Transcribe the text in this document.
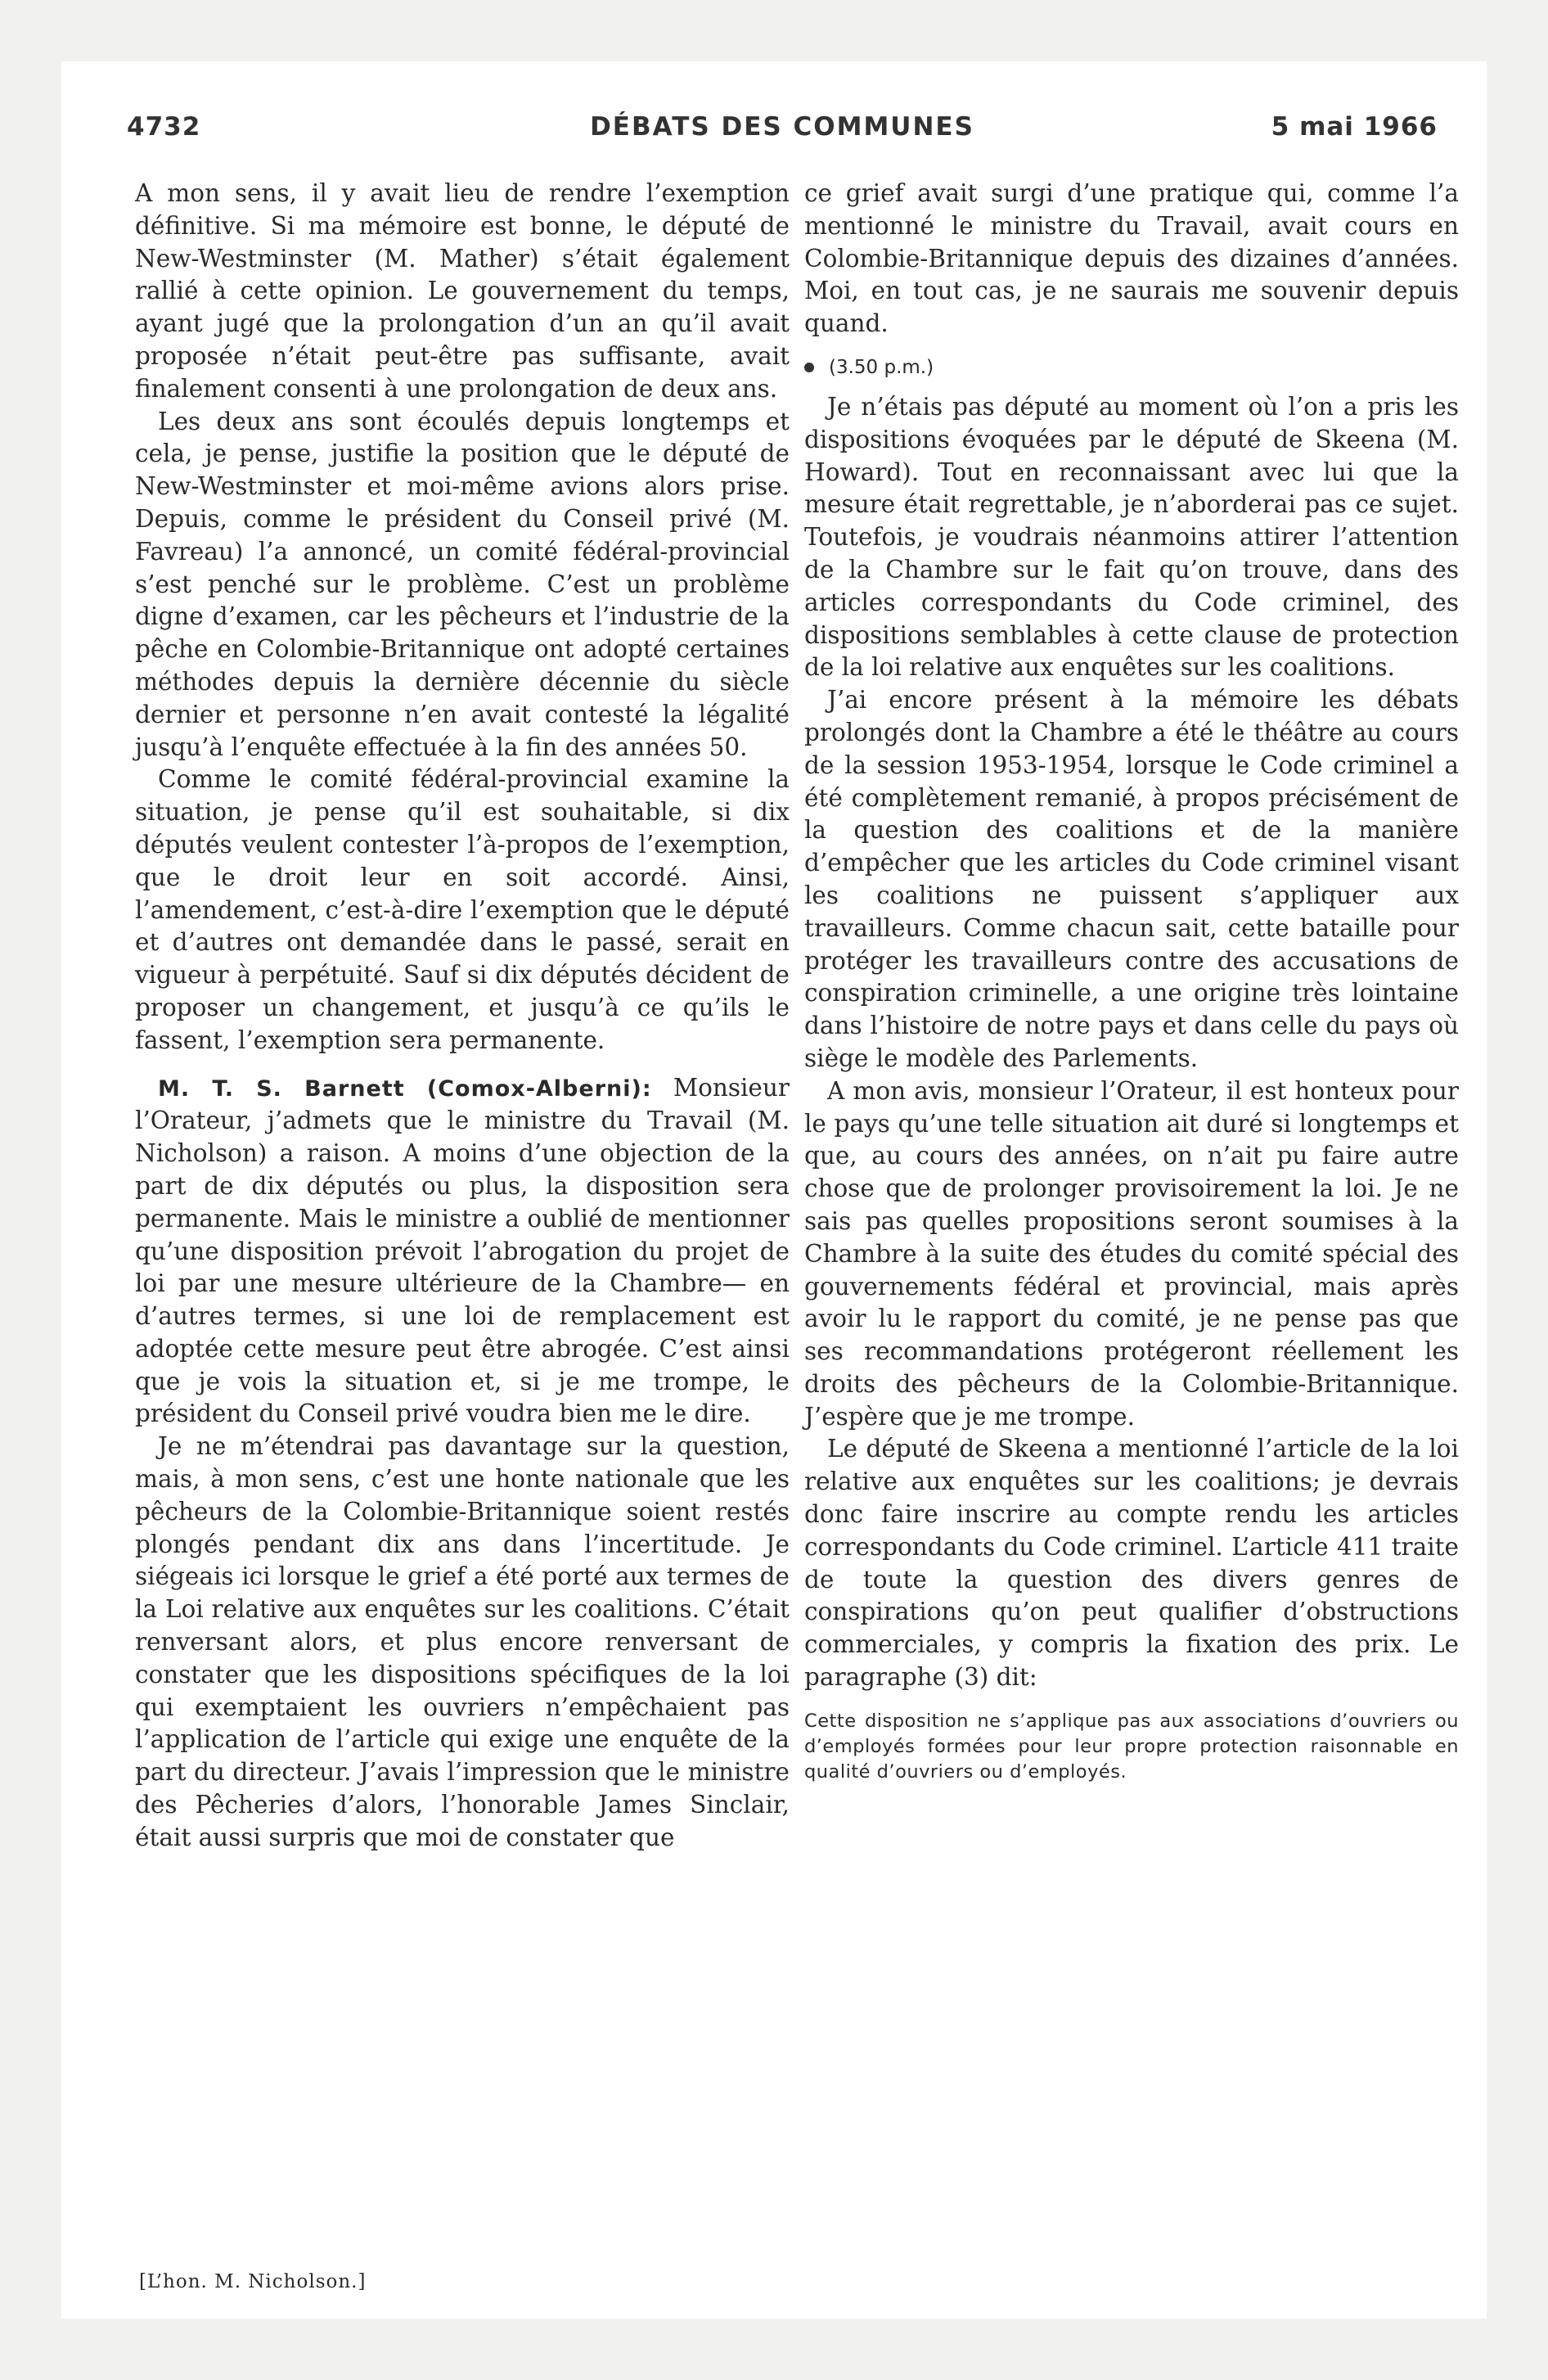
4732	DÉBATS DES COMMUNES	5 mai 1966

A mon sens, il y avait lieu de rendre l’exemption définitive. Si ma mémoire est bonne, le député de New-Westminster (M. Mather) s’était également rallié à cette opinion. Le gouvernement du temps, ayant jugé que la prolongation d’un an qu’il avait proposée n’était peut-être pas suffisante, avait finalement consenti à une prolongation de deux ans.

Les deux ans sont écoulés depuis longtemps et cela, je pense, justifie la position que le député de New-Westminster et moi-même avions alors prise. Depuis, comme le président du Conseil privé (M. Favreau) l’a annoncé, un comité fédéral-provincial s’est penché sur le problème. C’est un problème digne d’examen, car les pêcheurs et l’industrie de la pêche en Colombie-Britannique ont adopté certaines méthodes depuis la dernière décennie du siècle dernier et personne n’en avait contesté la légalité jusqu’à l’enquête effectuée à la fin des années 50.

Comme le comité fédéral-provincial examine la situation, je pense qu’il est souhaitable, si dix députés veulent contester l’à-propos de l’exemption, que le droit leur en soit accordé. Ainsi, l’amendement, c’est-à-dire l’exemption que le député et d’autres ont demandée dans le passé, serait en vigueur à perpétuité. Sauf si dix députés décident de proposer un changement, et jusqu’à ce qu’ils le fassent, l’exemption sera permanente.

M. T. S. Barnett (Comox-Alberni): Monsieur l’Orateur, j’admets que le ministre du Travail (M. Nicholson) a raison. A moins d’une objection de la part de dix députés ou plus, la disposition sera permanente. Mais le ministre a oublié de mentionner qu’une disposition prévoit l’abrogation du projet de loi par une mesure ultérieure de la Chambre— en d’autres termes, si une loi de remplacement est adoptée cette mesure peut être abrogée. C’est ainsi que je vois la situation et, si je me trompe, le président du Conseil privé voudra bien me le dire.

Je ne m’étendrai pas davantage sur la question, mais, à mon sens, c’est une honte nationale que les pêcheurs de la Colombie-Britannique soient restés plongés pendant dix ans dans l’incertitude. Je siégeais ici lorsque le grief a été porté aux termes de la Loi relative aux enquêtes sur les coalitions. C’était renversant alors, et plus encore renversant de constater que les dispositions spécifiques de la loi qui exemptaient les ouvriers n’empêchaient pas l’application de l’article qui exige une enquête de la part du directeur. J’avais l’impression que le ministre des Pêcheries d’alors, l’honorable James Sinclair, était aussi surpris que moi de constater que

ce grief avait surgi d’une pratique qui, comme l’a mentionné le ministre du Travail, avait cours en Colombie-Britannique depuis des dizaines d’années. Moi, en tout cas, je ne saurais me souvenir depuis quand.

(3.50 p.m.)

Je n’étais pas député au moment où l’on a pris les dispositions évoquées par le député de Skeena (M. Howard). Tout en reconnaissant avec lui que la mesure était regrettable, je n’aborderai pas ce sujet. Toutefois, je voudrais néanmoins attirer l’attention de la Chambre sur le fait qu’on trouve, dans des articles correspondants du Code criminel, des dispositions semblables à cette clause de protection de la loi relative aux enquêtes sur les coalitions.

J’ai encore présent à la mémoire les débats prolongés dont la Chambre a été le théâtre au cours de la session 1953-1954, lorsque le Code criminel a été complètement remanié, à propos précisément de la question des coalitions et de la manière d’empêcher que les articles du Code criminel visant les coalitions ne puissent s’appliquer aux travailleurs. Comme chacun sait, cette bataille pour protéger les travailleurs contre des accusations de conspiration criminelle, a une origine très lointaine dans l’histoire de notre pays et dans celle du pays où siège le modèle des Parlements.

A mon avis, monsieur l’Orateur, il est honteux pour le pays qu’une telle situation ait duré si longtemps et que, au cours des années, on n’ait pu faire autre chose que de prolonger provisoirement la loi. Je ne sais pas quelles propositions seront soumises à la Chambre à la suite des études du comité spécial des gouvernements fédéral et provincial, mais après avoir lu le rapport du comité, je ne pense pas que ses recommandations protégeront réellement les droits des pêcheurs de la Colombie-Britannique. J’espère que je me trompe.

Le député de Skeena a mentionné l’article de la loi relative aux enquêtes sur les coalitions; je devrais donc faire inscrire au compte rendu les articles correspondants du Code criminel. L’article 411 traite de toute la question des divers genres de conspirations qu’on peut qualifier d’obstructions commerciales, y compris la fixation des prix. Le paragraphe (3) dit:

Cette disposition ne s’applique pas aux associations d’ouvriers ou d’employés formées pour leur propre protection raisonnable en qualité d’ouvriers ou d’employés.
[L’hon. M. Nicholson.]
